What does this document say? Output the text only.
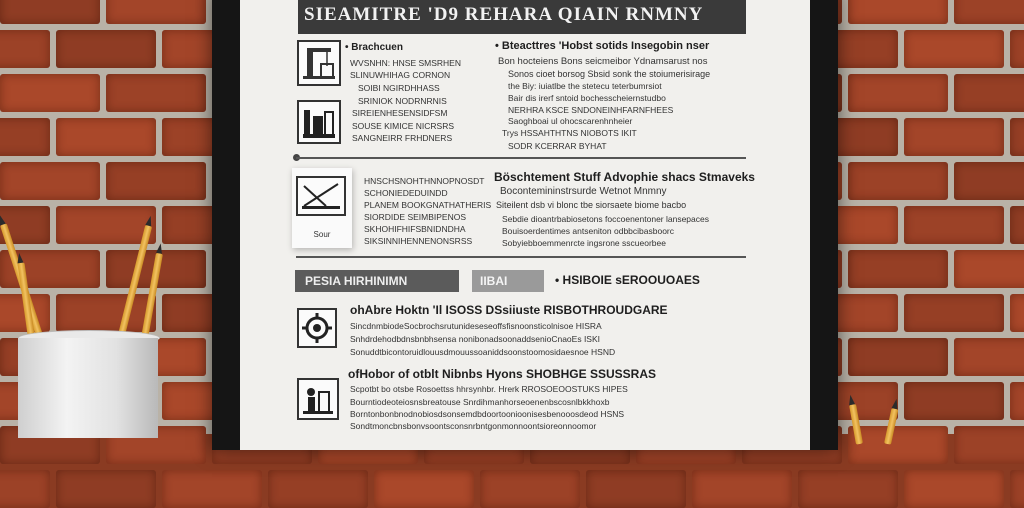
SIEAMITRE 'D9 REHARA QIAIN RNMNY
• Brachcuen
WVSNHN: HNSE SMSRHEN
SLINUWHIHAG CORNON
SOIBI NGIRDHHASS
SRINIOK NODRNRNIS
SIREIENHESENSIDFSM
SOUSE KIMICE NICRSRS
SANGNEIRR FRHDNERS
• Bteacttres 'Hobst sotids Insegobin nser
Bon hocteiens Bons seicmeibor Ydnamsarust nos
Sonos cioet borsog Sbsid sonk the stoiumerisirage
the Biy: iuiatlbe the stetecu teterbumrsiot
Bair dis irerf sntoid bochesscheiernstudbo
NERHRA KSCE SNDONEINHFARNFHEES
Saoghboai ul ohocscarenhnheier
Trys HSSAHTHTNS NIOBOTS IKIT
SODR KCERRAR BYHAT
Sour
HNSCHSNOHTHNNOPNOSDT
SCHONIEDEDUINDD
PLANEM BOOKGNATHATHERIS
SIORDIDE SEIMBIPENOS
SKHOHIFHIFSBNIDNDHA
SIKSINNIHENNENONSRSS
Böschtement Stuff Advophie shacs Stmaveks
Bocontemininstrsurde Wetnot Mnmny
Siteilent dsb vi blonc tbe siorsaete biome bacbo
Sebdie dioantrbabiosetons foccoenentoner lansepaces
Bouisoerdentimes antseniton odbbcibasboorc
Sobyiebboemmenrcte ingsrone sscueorbee
PESIA HIRHINIMN	IIBAI	• HSIBOIE sEROOUOAES
ohAbre Hoktn 'Il ISOSS DSsiiuste RISBOTHROUDGARE
SincdnmbiodeSocbrochsrutunideseseoffsfisnoonsticolnisoe HISRA
Snhdrdehodbdnsbnbhsensa nonibonadsoonaddsenioCnaoEs ISKI
Sonuddtbicontoruidlouusdmouussoaniddsoonstoomosidaesnoe HSND
ofHobor of otblt Nibnbs Hyons SHOBHGE SSUSSRAS
Scpotbt bo otsbe Rosoettss hhrsynhbr. Hrerk RROSOEOOSTUKS HIPES
Bourntiodeoteiosnsbreatouse Snrdihmanhorseoenenbscosnlbkkhoxb
Borntonbonbnodnobiosdsonsemdbdoortoonioonisesbenooosdeod HSNS
Sondtmoncbnsbonvsoontsconsnrbntgonmonnoontsioreonnoomor
